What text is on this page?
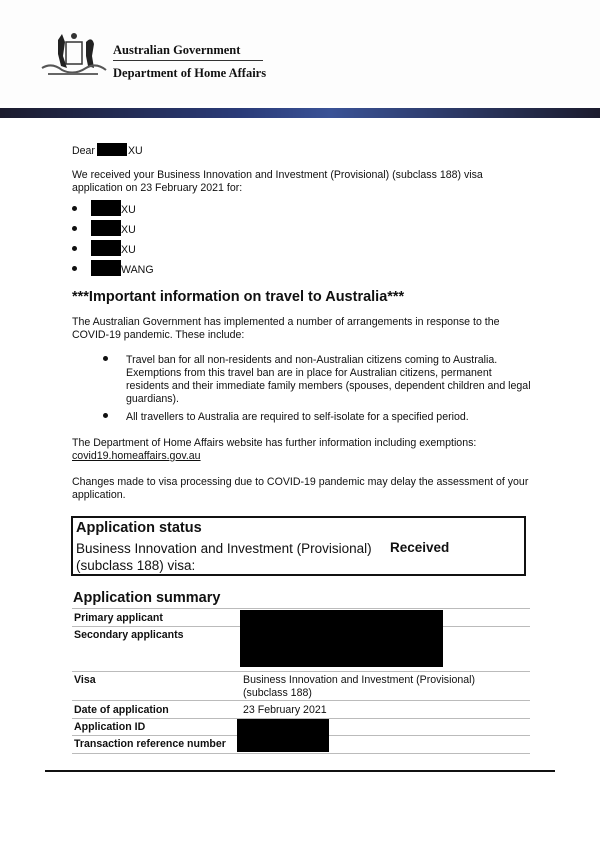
Australian Government
Department of Home Affairs
Dear	XU

We received your Business Innovation and Investment (Provisional) (subclass 188) visa application on 23 February 2021 for:

XU
XU
XU
WANG
***Important information on travel to Australia***

The Australian Government has implemented a number of arrangements in response to the COVID-19 pandemic. These include:

Travel ban for all non-residents and non-Australian citizens coming to Australia. Exemptions from this travel ban are in place for Australian citizens, permanent residents and their immediate family members (spouses, dependent children and legal guardians).

All travellers to Australia are required to self-isolate for a specified period.

The Department of Home Affairs website has further information including exemptions:

covid19.homeaffairs.gov.au

Changes made to visa processing due to COVID-19 pandemic may delay the assessment of your application.

Application status
Business Innovation and Investment (Provisional)
(subclass 188) visa:
Received
Application summary
Primary applicant
Secondary applicants
Visa	Business Innovation and Investment (Provisional) (subclass 188)

Date of application	23 February 2021
Application ID
Transaction reference number
